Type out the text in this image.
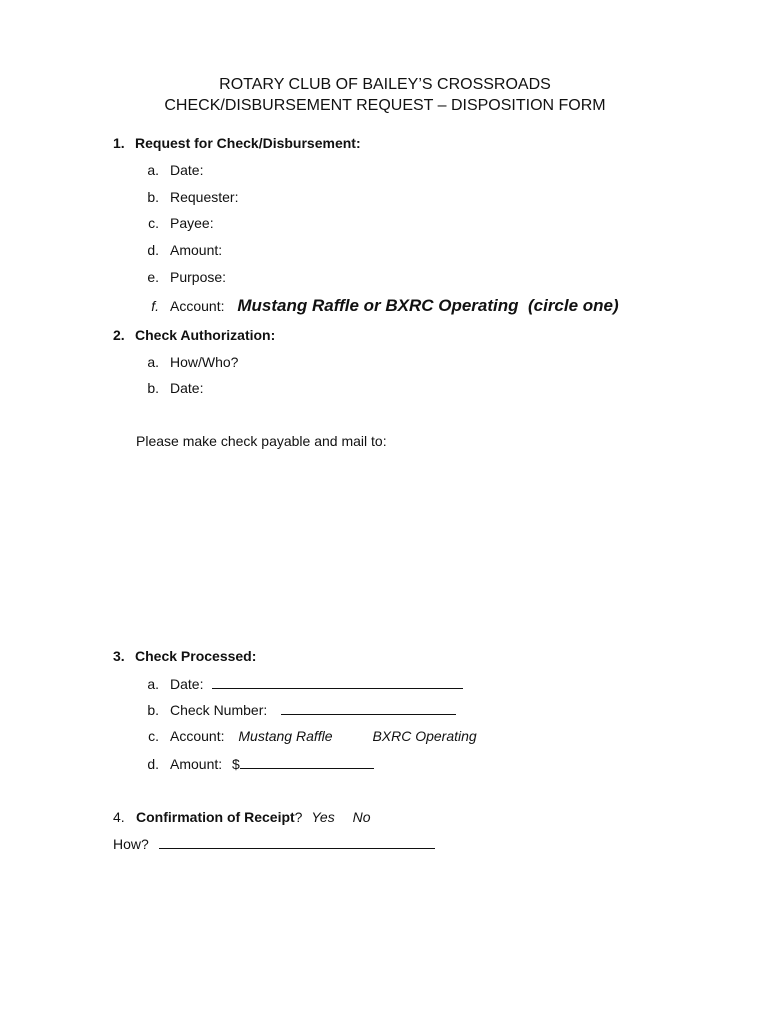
ROTARY CLUB OF BAILEY’S CROSSROADS
CHECK/DISBURSEMENT REQUEST – DISPOSITION FORM
1. Request for Check/Disbursement:
a. Date:
b. Requester:
c. Payee:
d. Amount:
e. Purpose:
f. Account: Mustang Raffle or BXRC Operating  (circle one)
2. Check Authorization:
a. How/Who?
b. Date:
Please make check payable and mail to:
3. Check Processed:
a. Date:
b. Check Number:
c. Account: Mustang Raffle	BXRC Operating
d. Amount: $
4. Confirmation of Receipt? Yes No
How?
